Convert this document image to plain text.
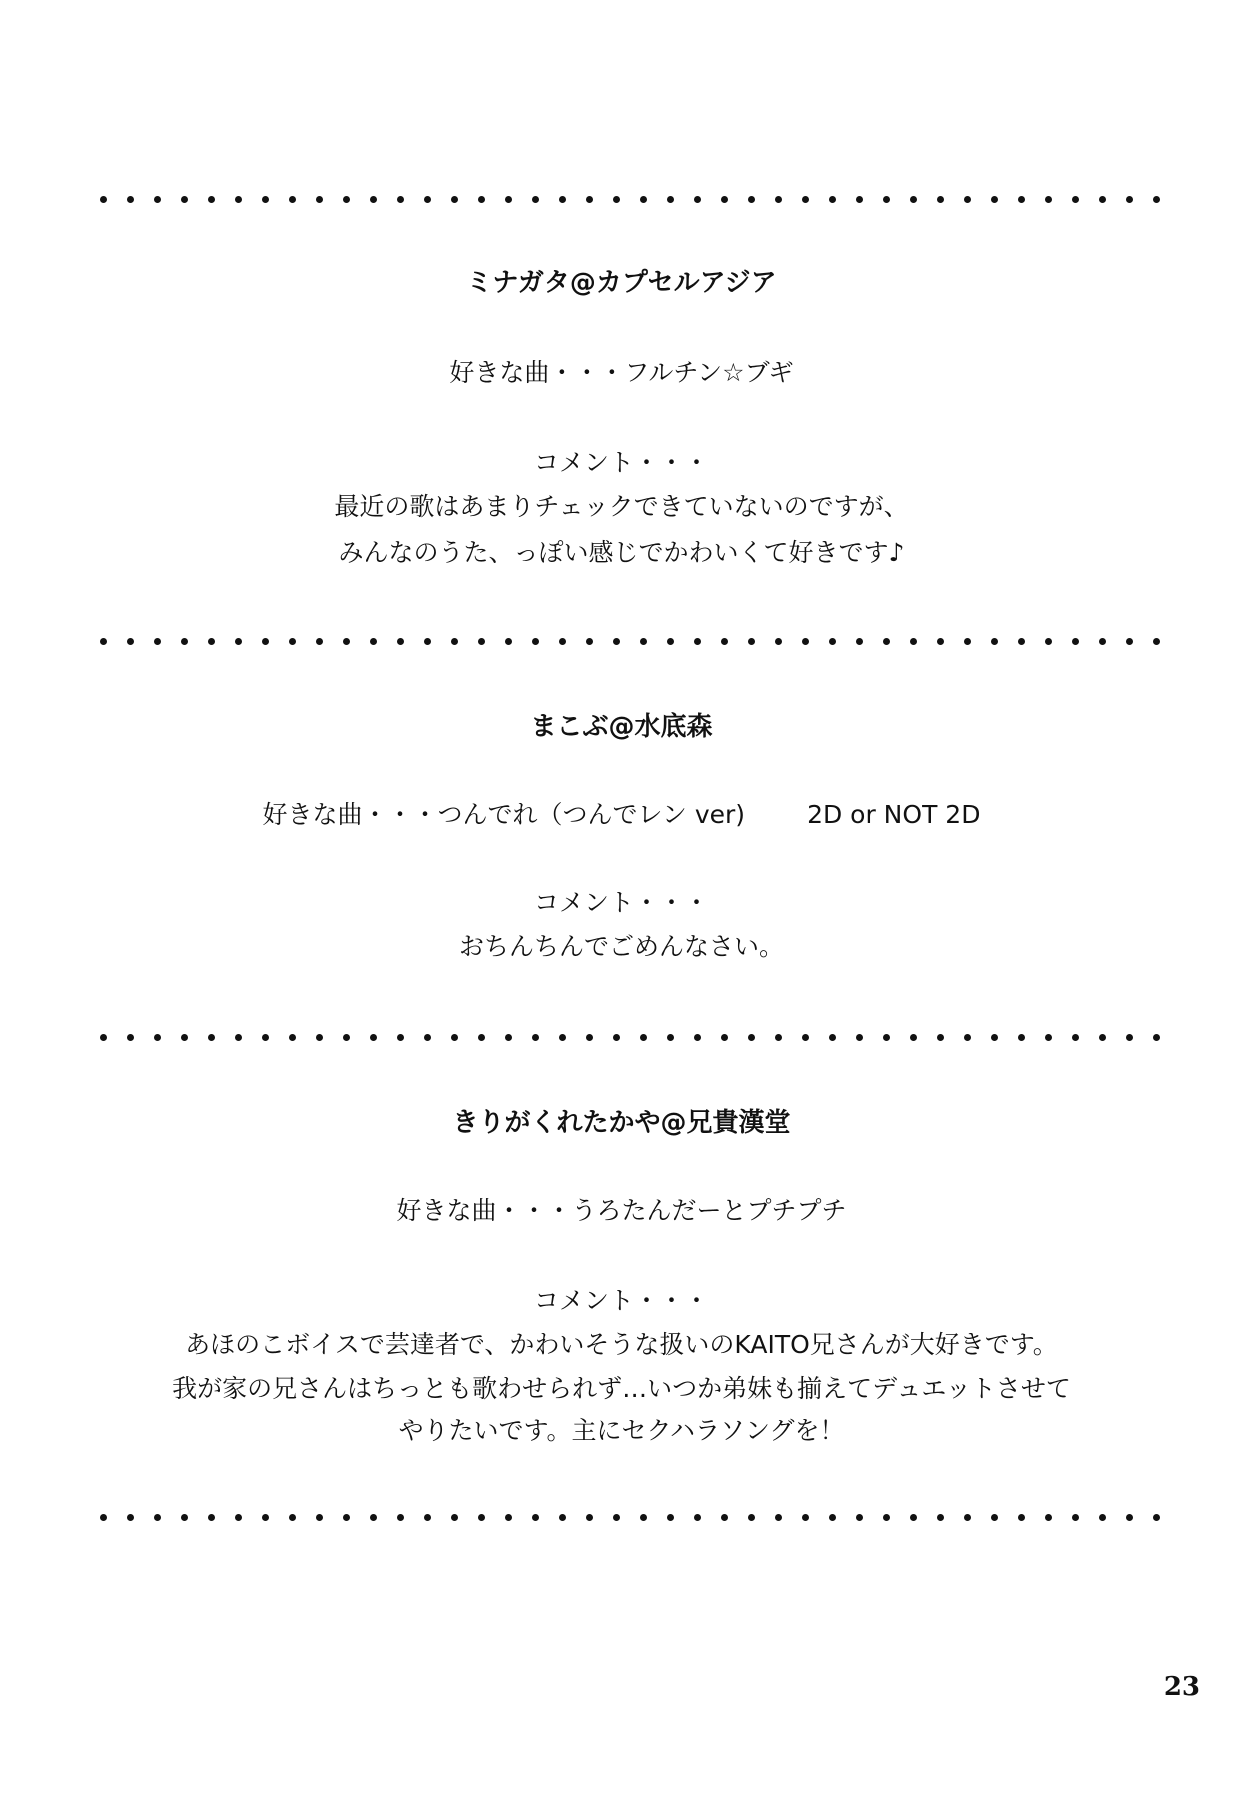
ミナガタ@カプセルアジア
好きな曲・・・フルチン☆ブギ
コメント・・・
最近の歌はあまりチェックできていないのですが、
みんなのうた、っぽい感じでかわいくて好きです♪
まこぶ@水底森
好きな曲・・・つんでれ（つんでレン ver) 2D or NOT 2D
コメント・・・
おちんちんでごめんなさい。
きりがくれたかや@兄貴漢堂
好きな曲・・・うろたんだーとプチプチ
コメント・・・
あほのこボイスで芸達者で、かわいそうな扱いのKAITO兄さんが大好きです。
我が家の兄さんはちっとも歌わせられず…いつか弟妹も揃えてデュエットさせて
やりたいです。主にセクハラソングを！
23
